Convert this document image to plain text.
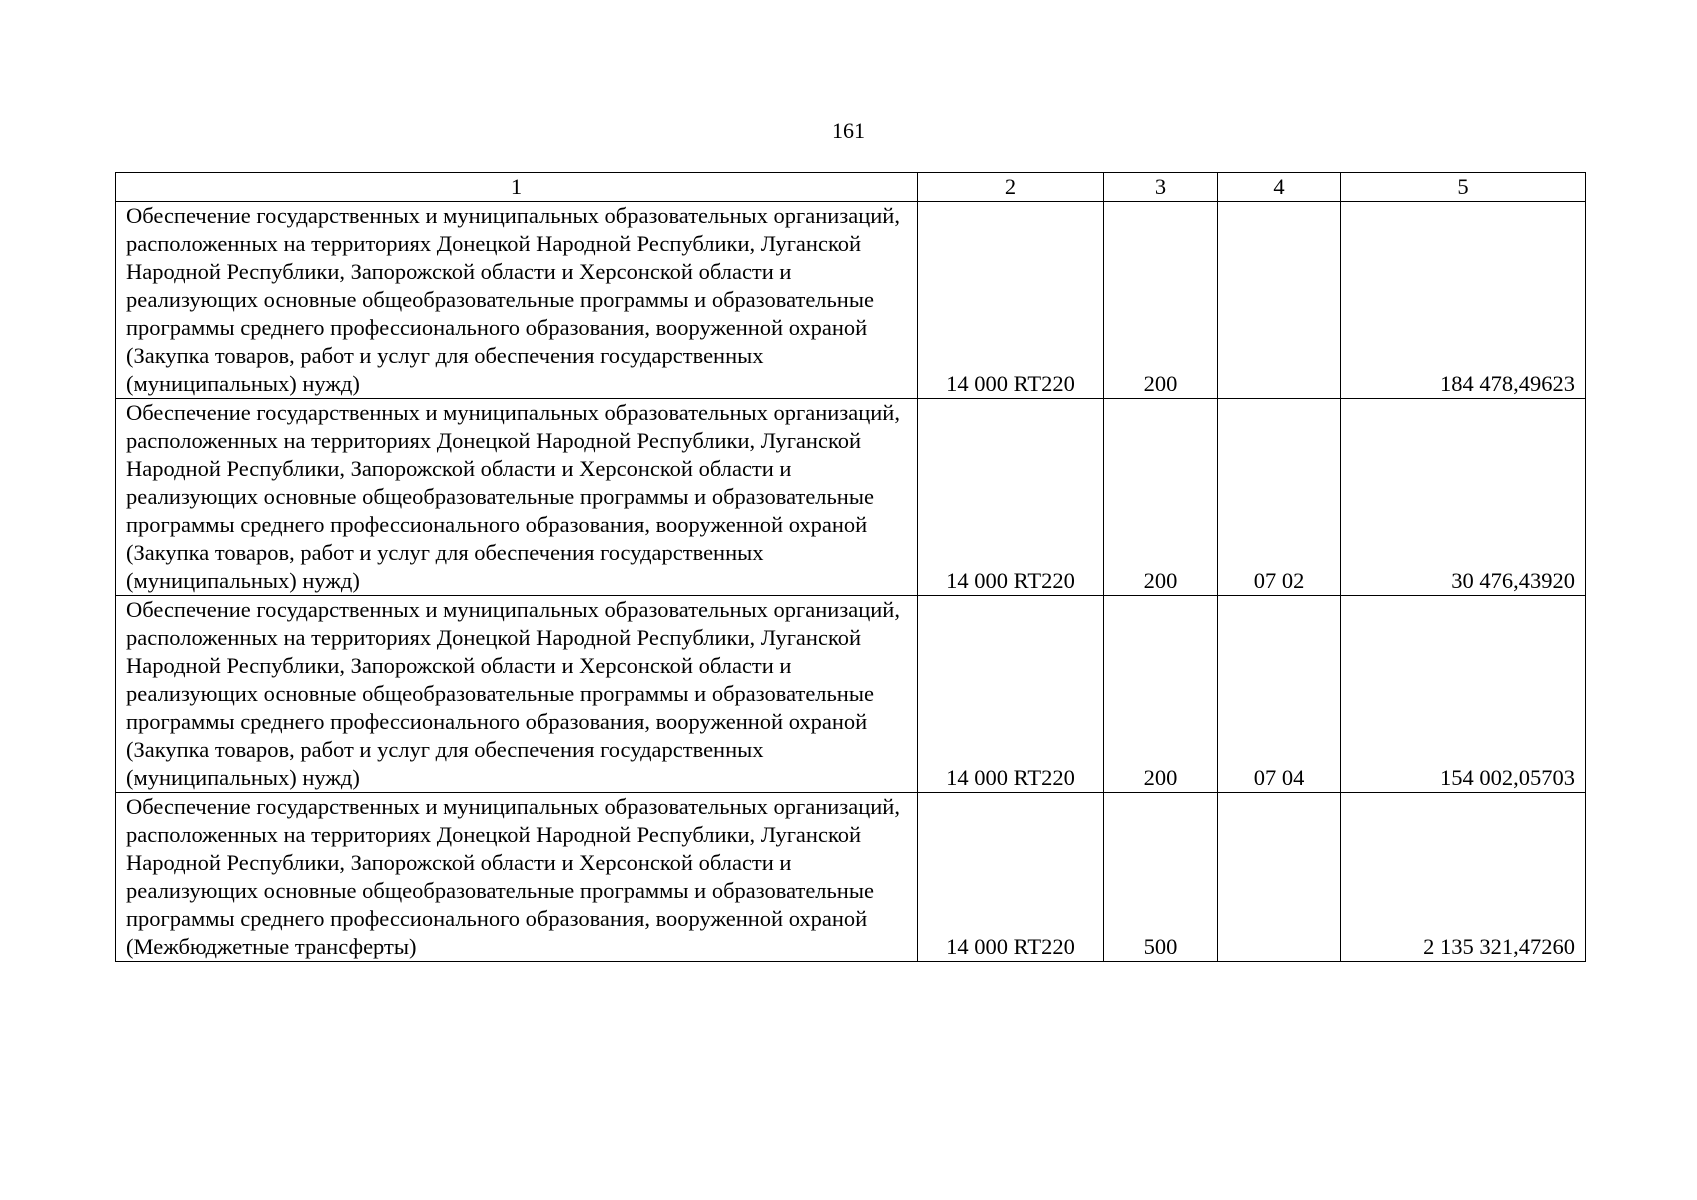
161
1	2	3	4	5
Обеспечение государственных и муниципальных образовательных организаций, расположенных на территориях Донецкой Народной Республики, Луганской Народной Республики, Запорожской области и Херсонской области и реализующих основные общеобразовательные программы и образовательные программы среднего профессионального образования, вооруженной охраной (Закупка товаров, работ и услуг для обеспечения государственных (муниципальных) нужд)	14 000 RT220	200		184 478,49623
Обеспечение государственных и муниципальных образовательных организаций, расположенных на территориях Донецкой Народной Республики, Луганской Народной Республики, Запорожской области и Херсонской области и реализующих основные общеобразовательные программы и образовательные программы среднего профессионального образования, вооруженной охраной (Закупка товаров, работ и услуг для обеспечения государственных (муниципальных) нужд)	14 000 RT220	200	07 02	30 476,43920
Обеспечение государственных и муниципальных образовательных организаций, расположенных на территориях Донецкой Народной Республики, Луганской Народной Республики, Запорожской области и Херсонской области и реализующих основные общеобразовательные программы и образовательные программы среднего профессионального образования, вооруженной охраной (Закупка товаров, работ и услуг для обеспечения государственных (муниципальных) нужд)	14 000 RT220	200	07 04	154 002,05703
Обеспечение государственных и муниципальных образовательных организаций, расположенных на территориях Донецкой Народной Республики, Луганской Народной Республики, Запорожской области и Херсонской области и реализующих основные общеобразовательные программы и образовательные программы среднего профессионального образования, вооруженной охраной (Межбюджетные трансферты)	14 000 RT220	500		2 135 321,47260
